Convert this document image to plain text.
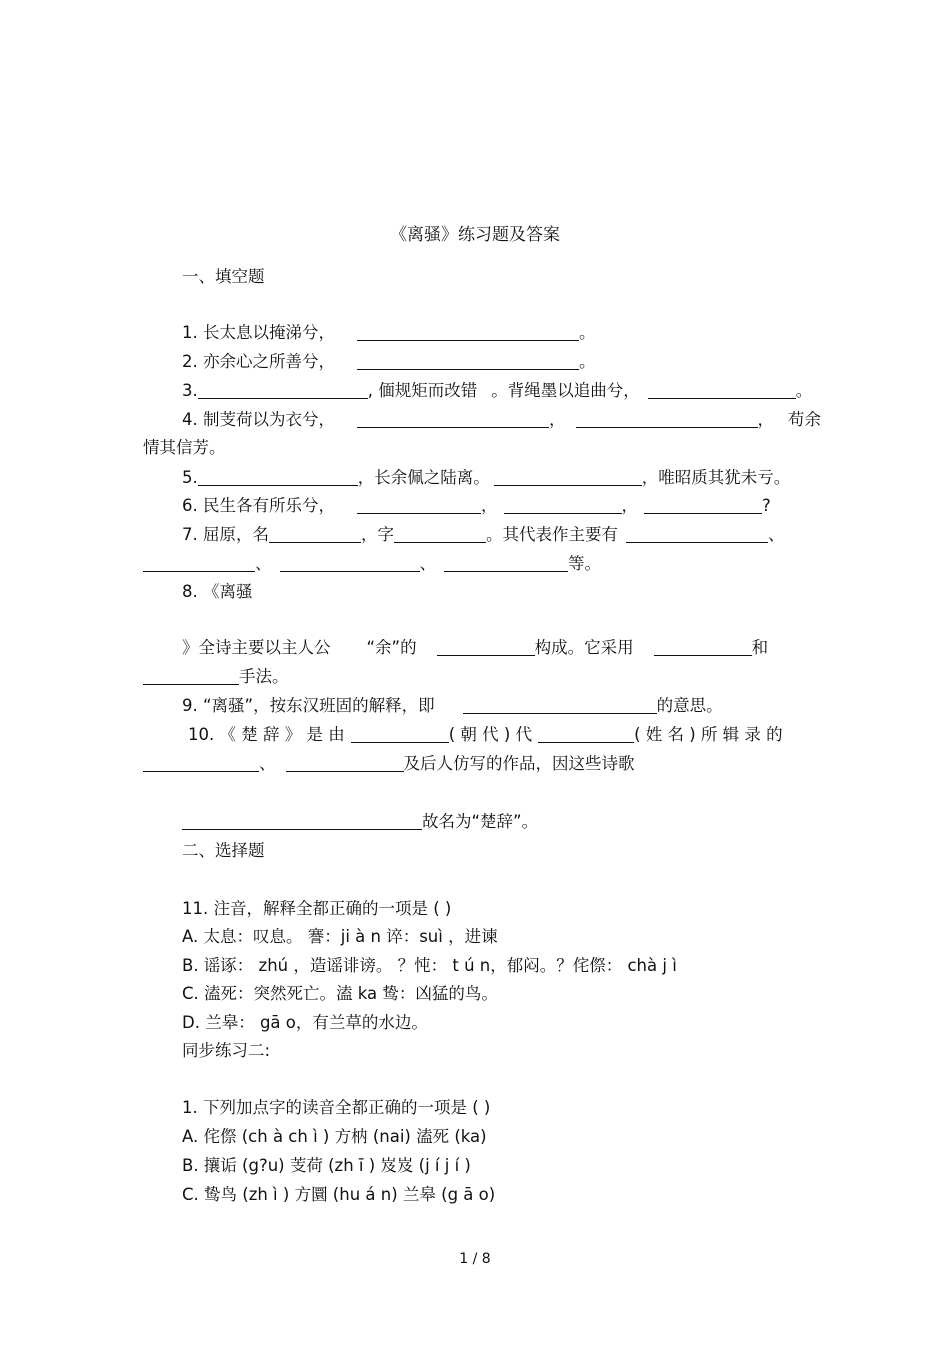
《离骚》练习题及答案
一、填空题
1. 长太息以掩涕兮，	。
2. 亦余心之所善兮，	。
3.	, 偭规矩而改错 。背绳墨以追曲兮，	。
4. 制芰荷以为衣兮，	，	， 苟余
情其信芳。
5.	，长余佩之陆离。	，唯昭质其犹未亏。
6. 民生各有所乐兮，	，	，	?
7. 屈原，名	，字	。其代表作主要有	、
、	、	等。
8. 《离骚
》全诗主要以主人公 “余”的	构成。它采用	和
手法。
9. “离骚”，按东汉班固的解释，即	的意思。
10. 《 楚 辞 》 是 由	( 朝 代 ) 代	( 姓 名 ) 所 辑 录 的
、	及后人仿写的作品，因这些诗歌
故名为“楚辞”。
二、选择题
11. 注音，解释全都正确的一项是 ( )
A. 太息：叹息。 謇：ji à n 谇：suì ，进谏
B. 谣诼： zhú ，造谣诽谤。 ？忳： t ú n，郁闷。？侘傺： chà j ì
C. 溘死：突然死亡。溘 ka 鸷：凶猛的鸟。
D. 兰皋： gā o，有兰草的水边。
同步练习二:
1. 下列加点字的读音全都正确的一项是 ( )
A. 侘傺 (ch à ch ì ) 方枘 (nai) 溘死 (ka)
B. 攘诟 (g?u) 芰荷 (zh ī ) 岌岌 (j í j í )
C. 鸷鸟 (zh ì ) 方圜 (hu á n) 兰皋 (g ā o)
1 / 8
